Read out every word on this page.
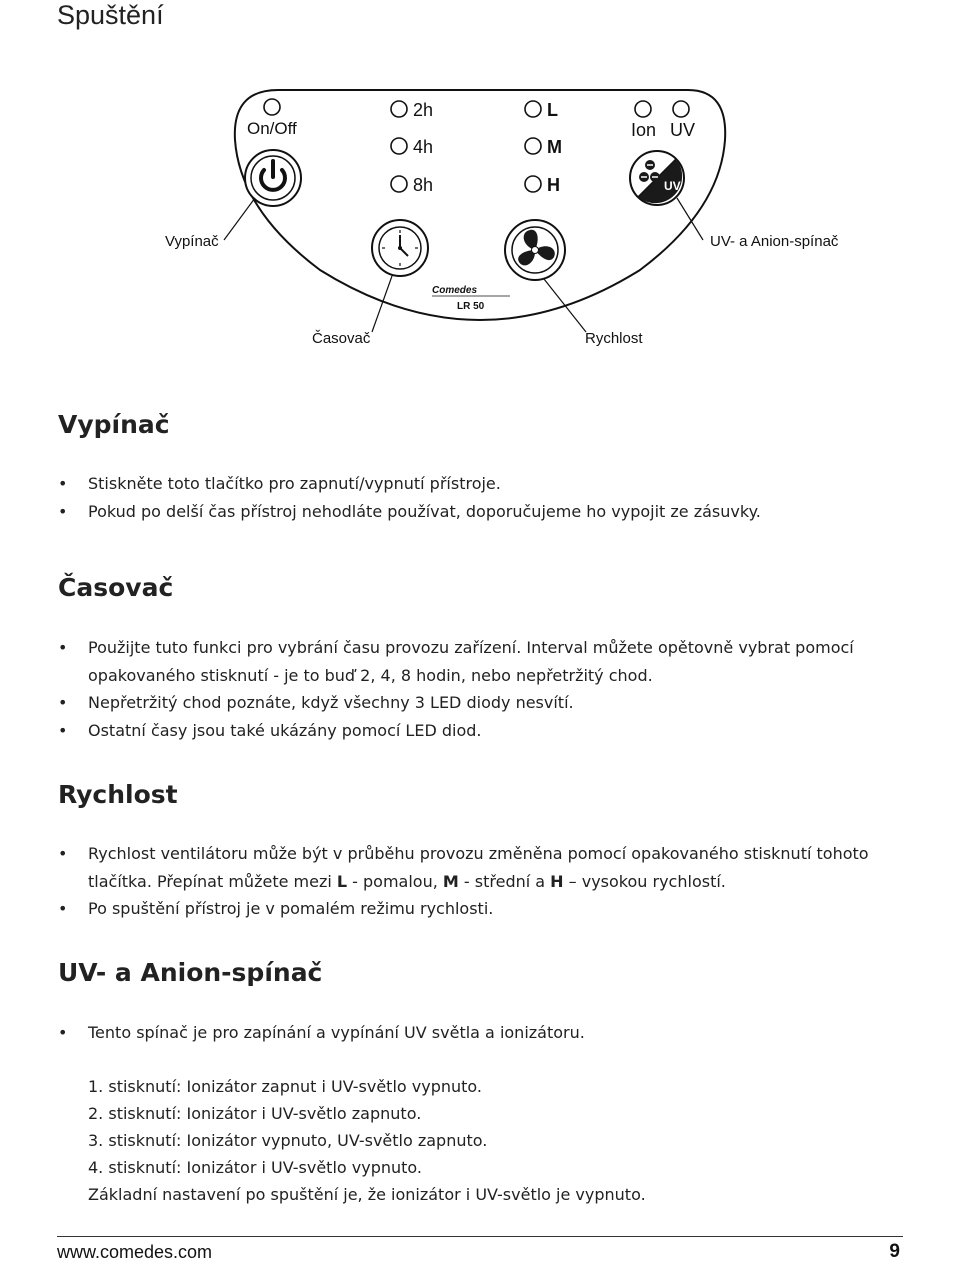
Spuštění
On/Off
2h
4h
8h
L
M
H
Ion UV
UV
Comedes
LR 50
Vypínač	UV- a Anion-spínač
Časovač	Rychlost
Vypínač
• Stiskněte toto tlačítko pro zapnutí/vypnutí přístroje.
• Pokud po delší čas přístroj nehodláte používat, doporučujeme ho vypojit ze zásuvky.
Časovač
• Použijte tuto funkci pro vybrání času provozu zařízení. Interval můžete opětovně vybrat pomocí opakovaného stisknutí - je to buď 2, 4, 8 hodin, nebo nepřetržitý chod.
• Nepřetržitý chod poznáte, když všechny 3 LED diody nesvítí.
• Ostatní časy jsou také ukázány pomocí LED diod.
Rychlost
• Rychlost ventilátoru může být v průběhu provozu změněna pomocí opakovaného stisknutí tohoto tlačítka. Přepínat můžete mezi L - pomalou, M - střední a H – vysokou rychlostí.
• Po spuštění přístroj je v pomalém režimu rychlosti.
UV- a Anion-spínač
• Tento spínač je pro zapínání a vypínání UV světla a ionizátoru.
1. stisknutí: Ionizátor zapnut i UV-světlo vypnuto.
2. stisknutí: Ionizátor i UV-světlo zapnuto.
3. stisknutí: Ionizátor vypnuto, UV-světlo zapnuto.
4. stisknutí: Ionizátor i UV-světlo vypnuto.
Základní nastavení po spuštění je, že ionizátor i UV-světlo je vypnuto.
www.comedes.com	9
